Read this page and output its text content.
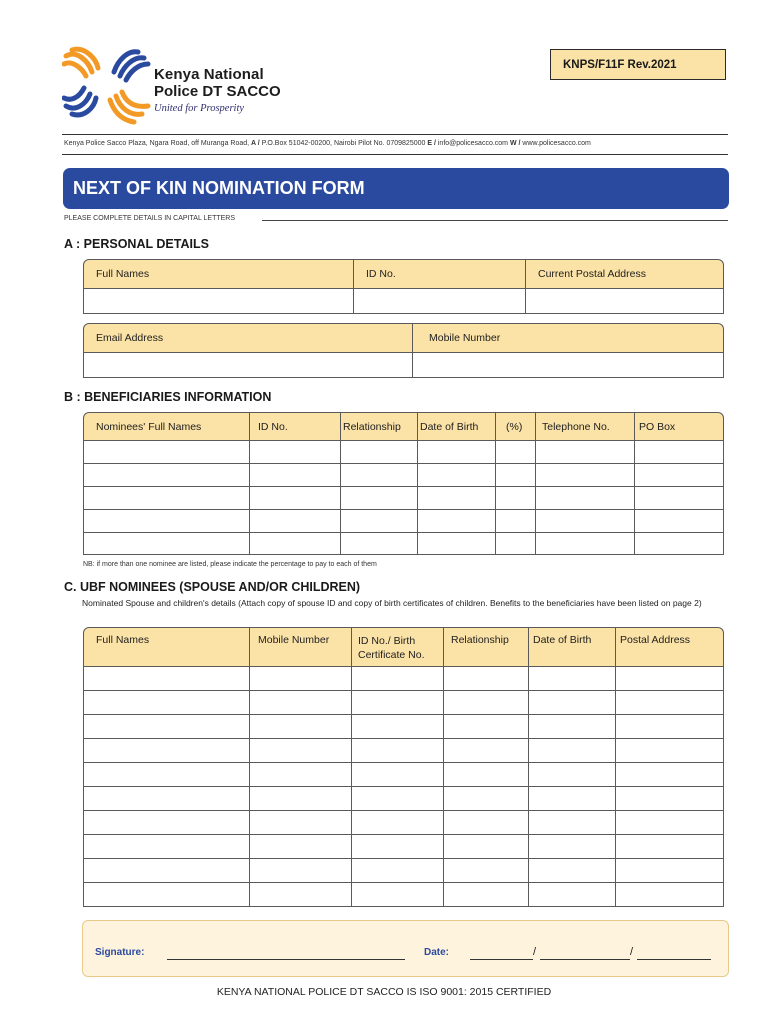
Kenya National
Police DT SACCO
United for Prosperity
KNPS/F11F Rev.2021
Kenya Police Sacco Plaza, Ngara Road, off Muranga Road, A / P.O.Box 51042-00200, Nairobi Pilot No. 0709825000 E / info@policesacco.com W / www.policesacco.com
NEXT OF KIN NOMINATION FORM
PLEASE COMPLETE DETAILS IN CAPITAL LETTERS
A : PERSONAL DETAILS
Full Names	ID No.	Current Postal Address

Email Address	Mobile Number

B : BENEFICIARIES INFORMATION
Nominees' Full Names	ID No.	Relationship	Date of Birth	(%)	Telephone No.	PO Box

NB: if more than one nominee are listed, please indicate the percentage to pay to each of them
C. UBF NOMINEES (SPOUSE AND/OR CHILDREN)
Nominated Spouse and children's details (Attach copy of spouse ID and copy of birth certificates of children. Benefits to the beneficiaries have been listed on page 2)
Full Names	Mobile Number	ID No./ Birth Certificate No.	Relationship	Date of Birth	Postal Address

Signature:	Date:	/	/
KENYA NATIONAL POLICE DT SACCO IS ISO 9001: 2015 CERTIFIED
